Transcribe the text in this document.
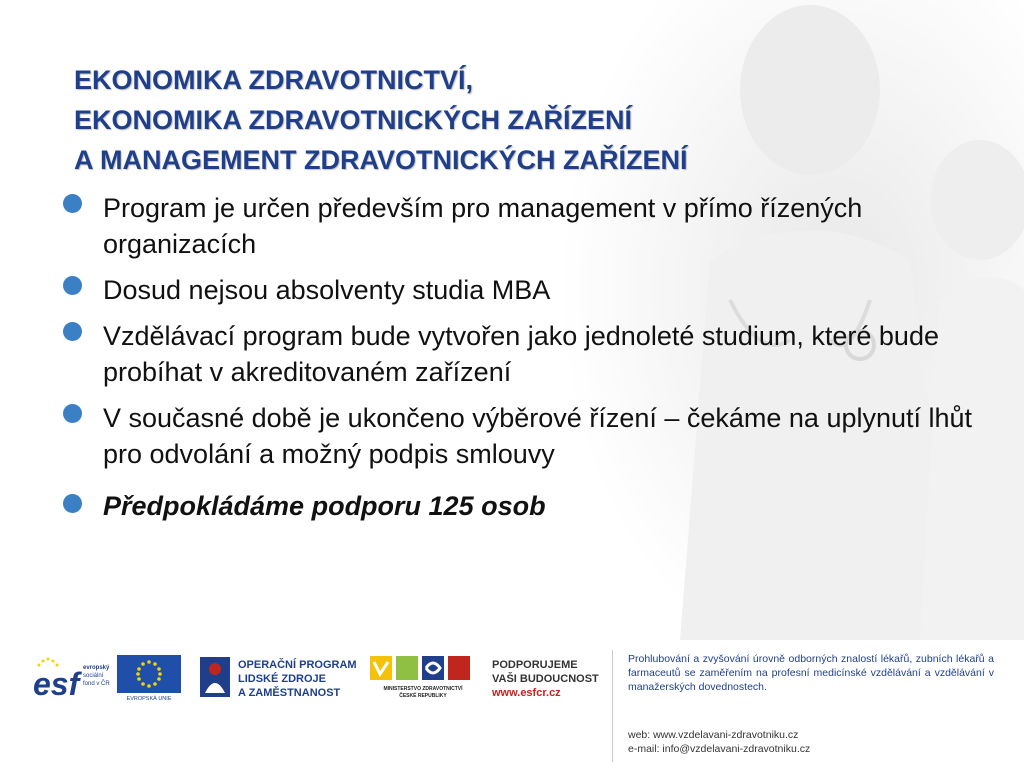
EKONOMIKA ZDRAVOTNICTVÍ,
EKONOMIKA ZDRAVOTNICKÝCH ZAŘÍZENÍ
A MANAGEMENT ZDRAVOTNICKÝCH ZAŘÍZENÍ
Program je určen především pro management v přímo řízených organizacích
Dosud nejsou absolventy studia MBA
Vzdělávací program bude vytvořen jako jednoleté studium, které bude probíhat v akreditovaném zařízení
V současné době je ukončeno výběrové řízení – čekáme na uplynutí lhůt pro odvolání a možný podpis smlouvy
Předpokládáme podporu 125 osob
esf evropský
sociální
fond v ČR
EVROPSKÁ UNIE
OPERAČNÍ PROGRAM
LIDSKÉ ZDROJE
A ZAMĚSTNANOST	MINISTERSTVO ZDRAVOTNICTVÍ
ČESKÉ REPUBLIKY
PODPORUJEME
VAŠI BUDOUCNOST
www.esfcr.cz
Prohlubování a zvyšování úrovně odborných znalostí lékařů, zubních lékařů a farmaceutů se zaměřením na profesní medicínské vzdělávání a vzdělávání v manažerských dovednostech.
web: www.vzdelavani-zdravotniku.cz
e-mail: info@vzdelavani-zdravotniku.cz
